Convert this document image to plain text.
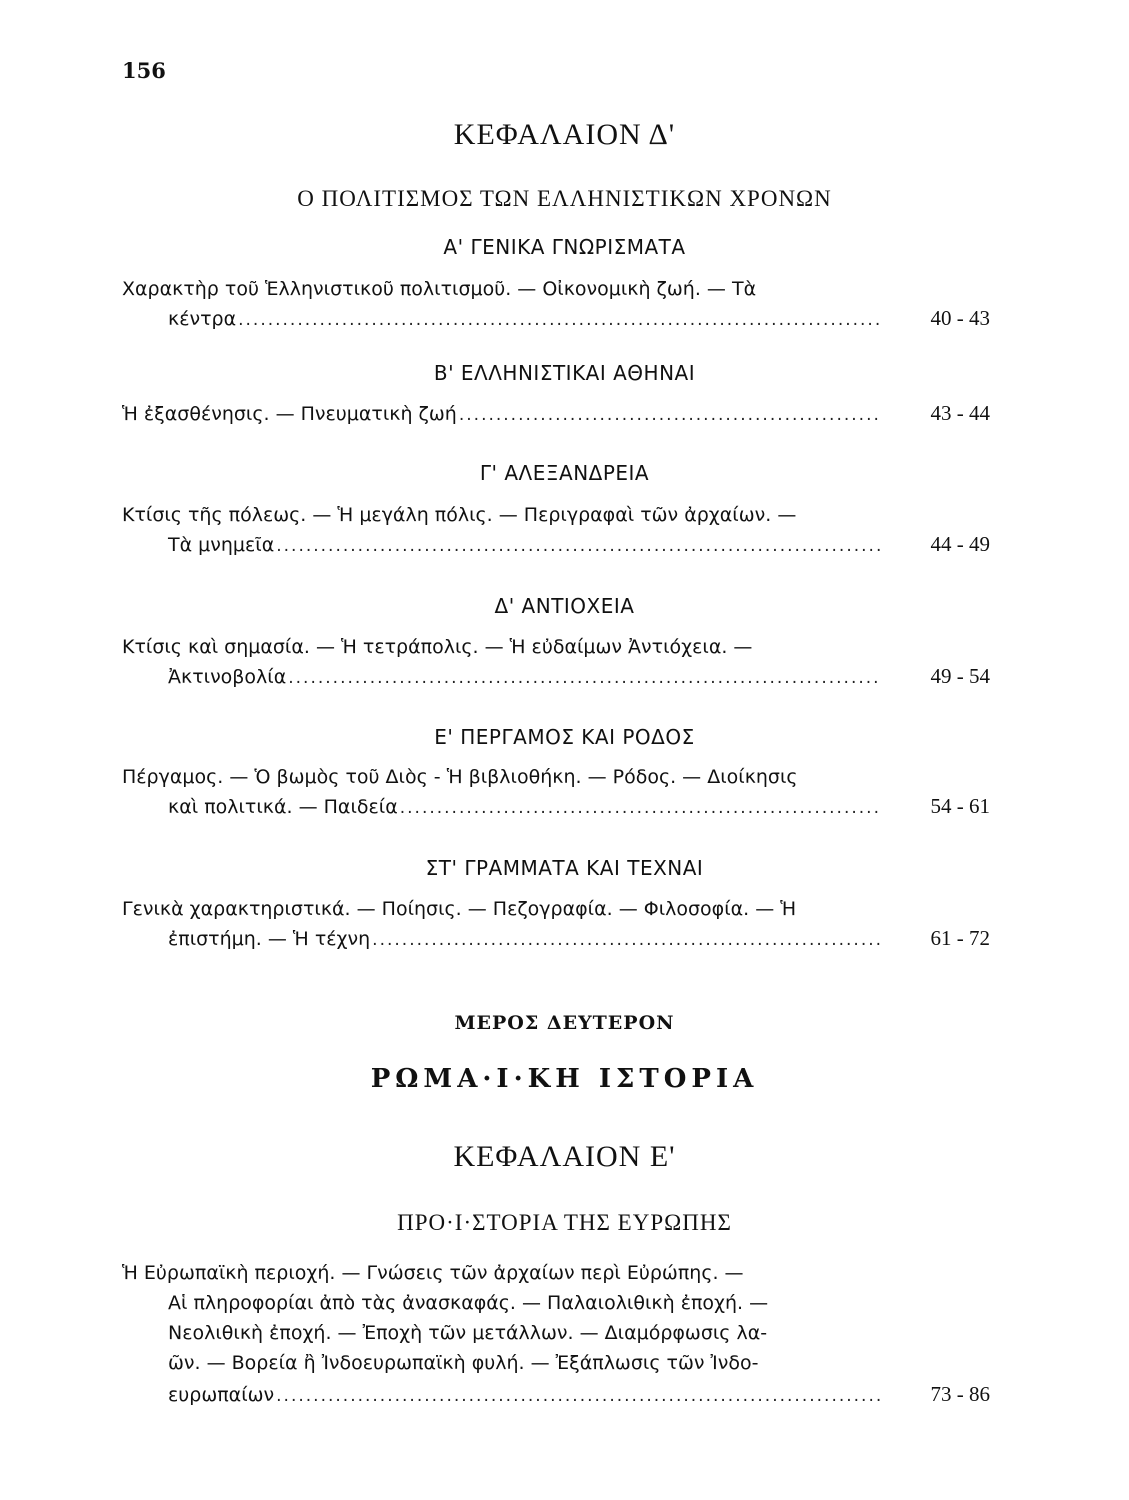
156
ΚΕΦΑΛΑΙΟΝ Δ'
Ο ΠΟΛΙΤΙΣΜΟΣ ΤΩΝ ΕΛΛΗΝΙΣΤΙΚΩΝ ΧΡΟΝΩΝ
Α' ΓΕΝΙΚΑ ΓΝΩΡΙΣΜΑΤΑ
Χαρακτὴρ τοῦ Ἑλληνιστικοῦ πολιτισμοῦ. — Οἰκονομικὴ ζωή. — Τὰ
κέντρα .....	40 - 43
Β' ΕΛΛΗΝΙΣΤΙΚΑΙ ΑΘΗΝΑΙ
Ἡ ἐξασθένησις. — Πνευματικὴ ζωή .....	43 - 44
Γ' ΑΛΕΞΑΝΔΡΕΙΑ
Κτίσις τῆς πόλεως. — Ἡ μεγάλη πόλις. — Περιγραφαὶ τῶν ἀρχαίων. —
Τὰ μνημεῖα .....	44 - 49
Δ' ΑΝΤΙΟΧΕΙΑ
Κτίσις καὶ σημασία. — Ἡ τετράπολις. — Ἡ εὐδαίμων Ἀντιόχεια. —
Ἀκτινοβολία .....	49 - 54
Ε' ΠΕΡΓΑΜΟΣ ΚΑΙ ΡΟΔΟΣ
Πέργαμος. — Ὁ βωμὸς τοῦ Διὸς - Ἡ βιβλιοθήκη. — Ρόδος. — Διοίκησις
καὶ πολιτικά. — Παιδεία .....	54 - 61
ΣΤ' ΓΡΑΜΜΑΤΑ ΚΑΙ ΤΕΧΝΑΙ
Γενικὰ χαρακτηριστικά. — Ποίησις. — Πεζογραφία. — Φιλοσοφία. — Ἡ
ἐπιστήμη. — Ἡ τέχνη .....	61 - 72
ΜΕΡΟΣ ΔΕΥΤΕΡΟΝ
ΡΩΜΑ·Ι·ΚΗ ΙΣΤΟΡΙΑ
ΚΕΦΑΛΑΙΟΝ Ε'
ΠΡΟ·Ι·ΣΤΟΡΙΑ ΤΗΣ ΕΥΡΩΠΗΣ
Ἡ Εὐρωπαϊκὴ περιοχή. — Γνώσεις τῶν ἀρχαίων περὶ Εὐρώπης. —
Αἱ πληροφορίαι ἀπὸ τὰς ἀνασκαφάς. — Παλαιολιθικὴ ἐποχή. —
Νεολιθικὴ ἐποχή. — Ἐποχὴ τῶν μετάλλων. — Διαμόρφωσις λα-
ῶν. — Βορεία ἢ Ἰνδοευρωπαϊκὴ φυλή. — Ἐξάπλωσις τῶν Ἰνδο-
ευρωπαίων .....	73 - 86
